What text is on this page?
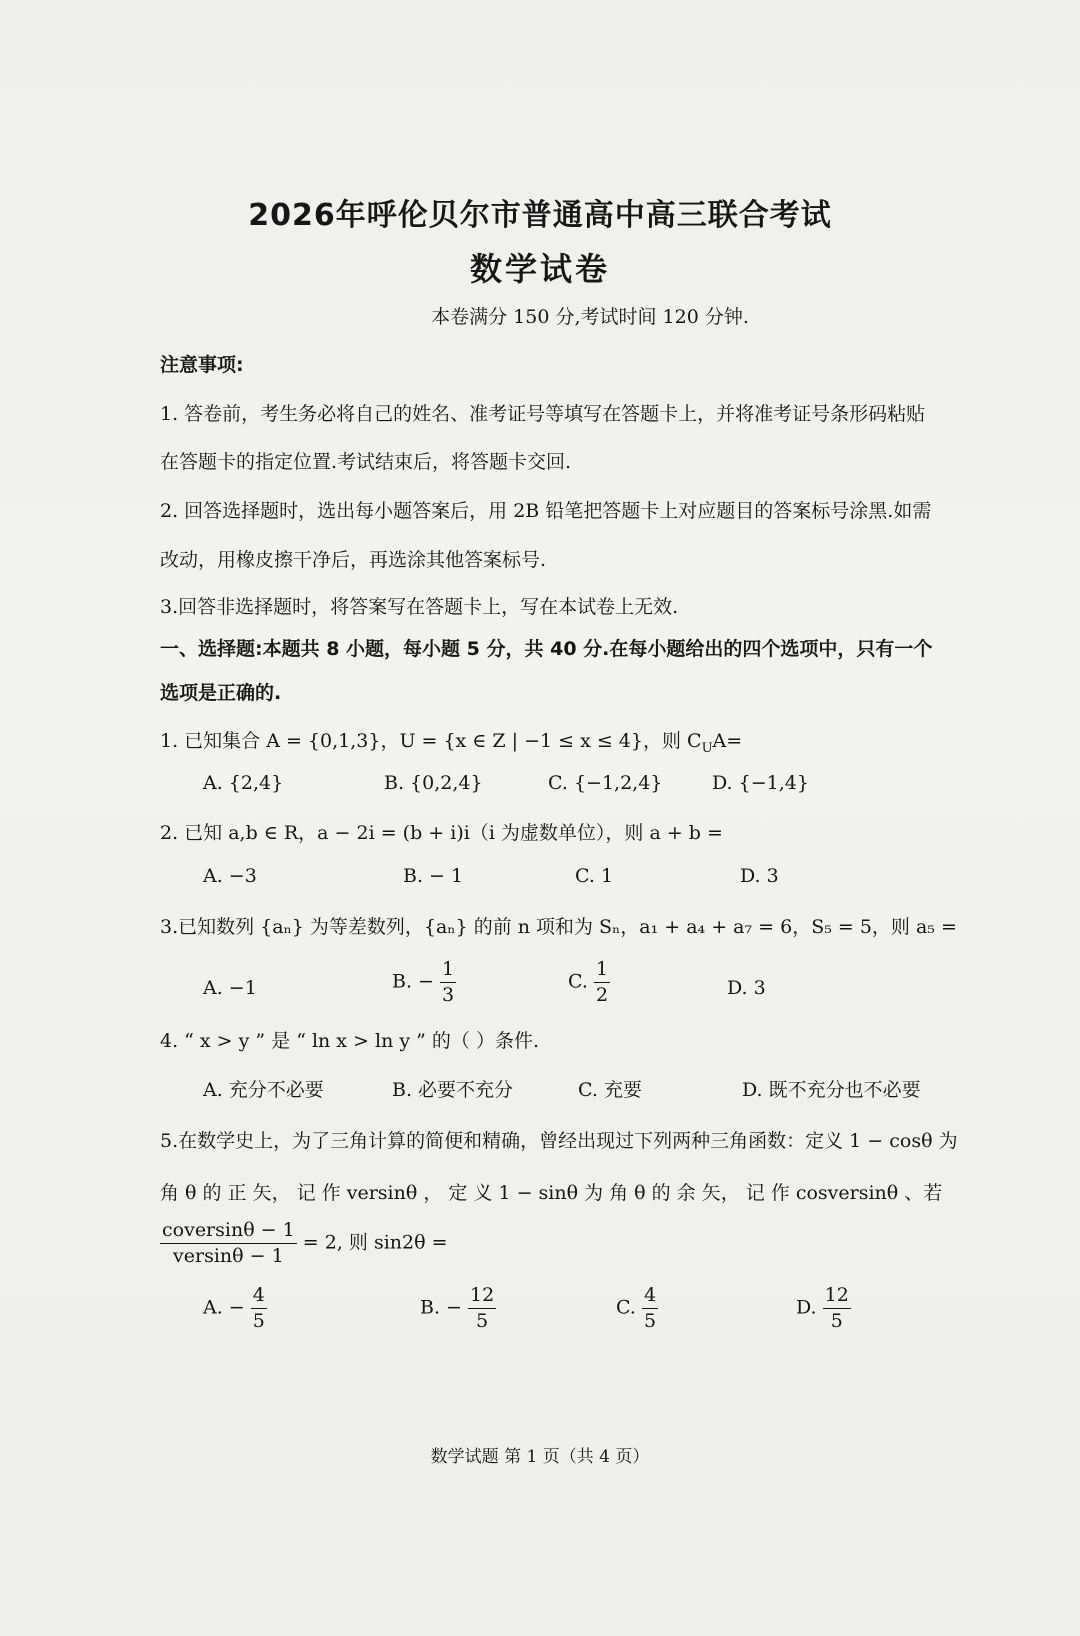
2026年呼伦贝尔市普通高中高三联合考试
数学试卷
本卷满分 150 分,考试时间 120 分钟.
注意事项:
1. 答卷前，考生务必将自己的姓名、准考证号等填写在答题卡上，并将准考证号条形码粘贴
在答题卡的指定位置.考试结束后，将答题卡交回.
2. 回答选择题时，选出每小题答案后，用 2B 铅笔把答题卡上对应题目的答案标号涂黑.如需
改动，用橡皮擦干净后，再选涂其他答案标号.
3.回答非选择题时，将答案写在答题卡上，写在本试卷上无效.
一、选择题:本题共 8 小题，每小题 5 分，共 40 分.在每小题给出的四个选项中，只有一个
选项是正确的.
1. 已知集合 A = {0,1,3}，U = {x ∈ Z | −1 ≤ x ≤ 4}，则 $C_UA=$
A. {2,4}	B. {0,2,4}	C. {−1,2,4}	D. {−1,4}
2. 已知 a,b ∈ R，a − 2i = (b + i)i（i 为虚数单位），则 a + b =
A. −3	B. − 1	C. 1	D. 3
3.已知数列 {aₙ} 为等差数列，{aₙ} 的前 n 项和为 Sₙ，a₁ + a₄ + a₇ = 6，S₅ = 5，则 a₅ =
A. −1	B. − $\frac{1}{3}$	C. $\frac{1}{2}$	D. 3
4. “ x > y ” 是 “ ln x > ln y ” 的（ ）条件.
A. 充分不必要	B. 必要不充分	C. 充要	D. 既不充分也不必要
5.在数学史上，为了三角计算的简便和精确，曾经出现过下列两种三角函数：定义 1 − cosθ 为
角 θ 的 正 矢， 记 作 versinθ ， 定 义 1 − sinθ 为 角 θ 的 余 矢， 记 作 cosversinθ 、若
$\frac{\text{coversinθ − 1}}{\text{versinθ − 1}} = 2$, 则 sin2θ =
A. − $\frac{4}{5}$	B. − $\frac{12}{5}$	C. $\frac{4}{5}$	D. $\frac{12}{5}$
数学试题 第 1 页（共 4 页）
